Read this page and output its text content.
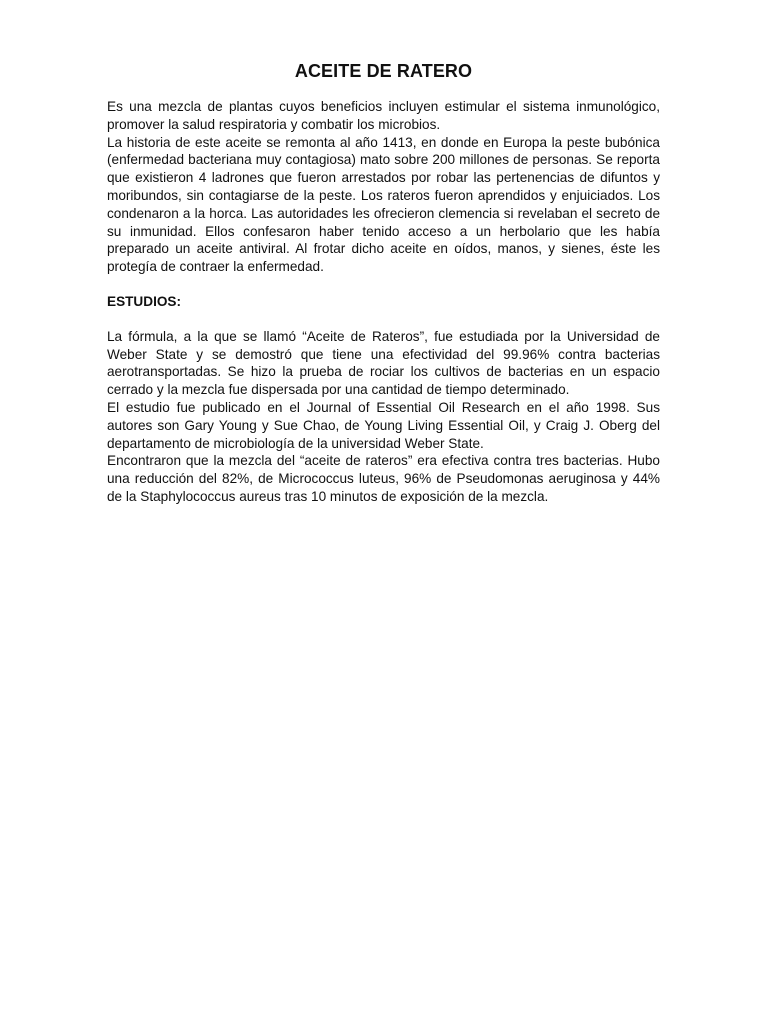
ACEITE DE RATERO

Es una mezcla de plantas cuyos beneficios incluyen estimular el sistema inmunológico, promover la salud respiratoria y combatir los microbios.

La historia de este aceite se remonta al año 1413, en donde en Europa la peste bubónica (enfermedad bacteriana muy contagiosa) mato sobre 200 millones de personas. Se reporta que existieron 4 ladrones que fueron arrestados por robar las pertenencias de difuntos y moribundos, sin contagiarse de la peste. Los rateros fueron aprendidos y enjuiciados. Los condenaron a la horca. Las autoridades les ofrecieron clemencia si revelaban el secreto de su inmunidad. Ellos confesaron haber tenido acceso a un herbolario que les había preparado un aceite antiviral. Al frotar dicho aceite en oídos, manos, y sienes, éste les protegía de contraer la enfermedad.

ESTUDIOS:

La fórmula, a la que se llamó “Aceite de Rateros”, fue estudiada por la Universidad de Weber State y se demostró que tiene una efectividad del 99.96% contra bacterias aerotransportadas. Se hizo la prueba de rociar los cultivos de bacterias en un espacio cerrado y la mezcla fue dispersada por una cantidad de tiempo determinado.

El estudio fue publicado en el Journal of Essential Oil Research en el año 1998. Sus autores son Gary Young y Sue Chao, de Young Living Essential Oil, y Craig J. Oberg del departamento de microbiología de la universidad Weber State.

Encontraron que la mezcla del “aceite de rateros” era efectiva contra tres bacterias. Hubo una reducción del 82%, de Micrococcus luteus, 96% de Pseudomonas aeruginosa y 44% de la Staphylococcus aureus tras 10 minutos de exposición de la mezcla.
